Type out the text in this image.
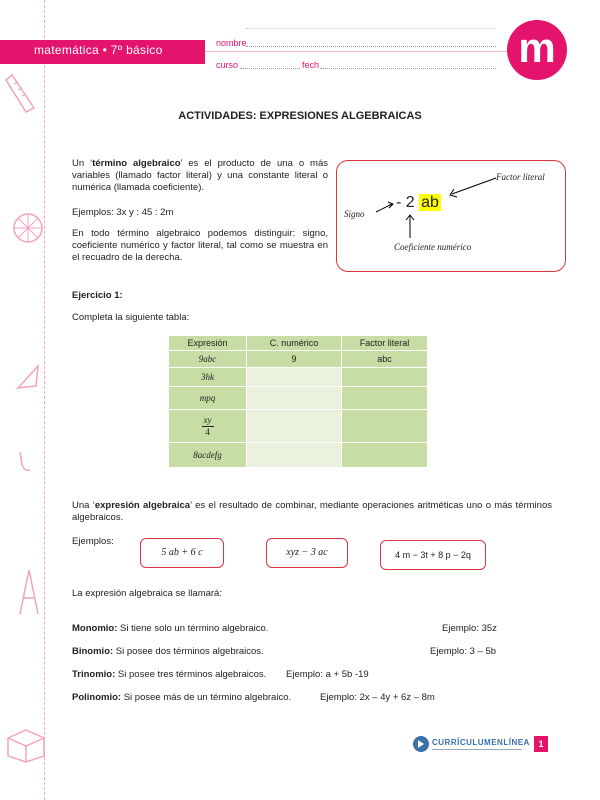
matemática • 7º básico	nombre
curso	fech	m
ACTIVIDADES: EXPRESIONES ALGEBRAICAS
Un ‘término algebraico’ es el producto de una o más variables (llamado factor literal) y una constante literal o numérica (llamada coeficiente).
Ejemplos: 3x y : 45 : 2m
En todo término algebraico podemos distinguir: signo, coeficiente numérico y factor literal, tal como se muestra en el recuadro de la derecha.
- 2 ab
Signo
Factor literal
Coeficiente numérico
Ejercicio 1:
Completa la siguiente tabla:
Expresión	C. numérico	Factor literal
9abc	9	abc
3hk		
mpq		

$\frac{xy}{4}$

8acdefg		
Una ‘expresión algebraica’ es el resultado de combinar, mediante operaciones aritméticas uno o más términos algebraicos.
Ejemplos:
5 ab + 6 c	xyz − 3 ac	4 m − 3t + 8 p − 2q
La expresión algebraica se llamará:
Monomio: Si tiene solo un término algebraico.	Ejemplo: 35z
Binomio: Si posee dos términos algebraicos.	Ejemplo: 3 – 5b
Trinomio: Si posee tres términos algebraicos. Ejemplo: a + 5b -19
Polinomio: Si posee más de un término algebraico.	Ejemplo: 2x – 4y + 6z – 8m
CURRÍCULUMENLÍNEA 1
